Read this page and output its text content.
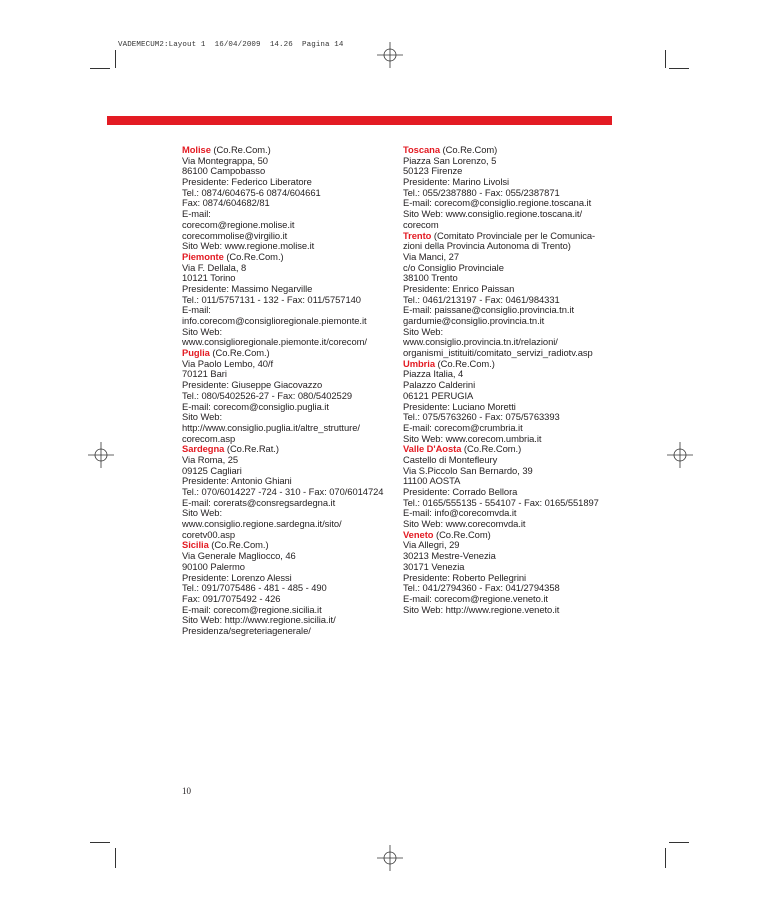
VADEMECUM2:Layout 1  16/04/2009  14.26  Pagina 14
Molise (Co.Re.Com.)
Via Montegrappa, 50
86100 Campobasso
Presidente: Federico Liberatore
Tel.: 0874/604675-6 0874/604661
Fax: 0874/604682/81
E-mail:
corecom@regione.molise.it
corecommolise@virgilio.it
Sito Web: www.regione.molise.it
Piemonte (Co.Re.Com.)
Via F. Dellala, 8
10121 Torino
Presidente: Massimo Negarville
Tel.: 011/5757131 - 132 - Fax: 011/5757140
E-mail:
info.corecom@consiglioregionale.piemonte.it
Sito Web:
www.consiglioregionale.piemonte.it/corecom/
Puglia (Co.Re.Com.)
Via Paolo Lembo, 40/f
70121 Bari
Presidente: Giuseppe Giacovazzo
Tel.: 080/5402526-27 - Fax: 080/5402529
E-mail: corecom@consiglio.puglia.it
Sito Web:
http://www.consiglio.puglia.it/altre_strutture/
corecom.asp
Sardegna (Co.Re.Rat.)
Via Roma, 25
09125 Cagliari
Presidente: Antonio Ghiani
Tel.: 070/6014227 -724 - 310 - Fax: 070/6014724
E-mail: corerats@consregsardegna.it
Sito Web:
www.consiglio.regione.sardegna.it/sito/
coretv00.asp
Sicilia (Co.Re.Com.)
Via Generale Magliocco, 46
90100 Palermo
Presidente: Lorenzo Alessi
Tel.: 091/7075486 - 481 - 485 - 490
Fax: 091/7075492 - 426
E-mail: corecom@regione.sicilia.it
Sito Web: http://www.regione.sicilia.it/
Presidenza/segreteriagenerale/
Toscana (Co.Re.Com)
Piazza San Lorenzo, 5
50123 Firenze
Presidente: Marino Livolsi
Tel.: 055/2387880 - Fax: 055/2387871
E-mail: corecom@consiglio.regione.toscana.it
Sito Web: www.consiglio.regione.toscana.it/
corecom
Trento (Comitato Provinciale per le Comunica-
zioni della Provincia Autonoma di Trento)
Via Manci, 27
c/o Consiglio Provinciale
38100 Trento
Presidente: Enrico Paissan
Tel.: 0461/213197 - Fax: 0461/984331
E-mail: paissane@consiglio.provincia.tn.it
gardumie@consiglio.provincia.tn.it
Sito Web:
www.consiglio.provincia.tn.it/relazioni/
organismi_istituiti/comitato_servizi_radiotv.asp
Umbria (Co.Re.Com.)
Piazza Italia, 4
Palazzo Calderini
06121 PERUGIA
Presidente: Luciano Moretti
Tel.: 075/5763260 - Fax: 075/5763393
E-mail: corecom@crumbria.it
Sito Web: www.corecom.umbria.it
Valle D'Aosta (Co.Re.Com.)
Castello di Montefleury
Via S.Piccolo San Bernardo, 39
11100 AOSTA
Presidente: Corrado Bellora
Tel.: 0165/555135 - 554107 - Fax: 0165/551897
E-mail: info@corecomvda.it
Sito Web: www.corecomvda.it
Veneto (Co.Re.Com)
Via Allegri, 29
30213 Mestre-Venezia
30171 Venezia
Presidente: Roberto Pellegrini
Tel.: 041/2794360 - Fax: 041/2794358
E-mail: corecom@regione.veneto.it
Sito Web: http://www.regione.veneto.it
10
